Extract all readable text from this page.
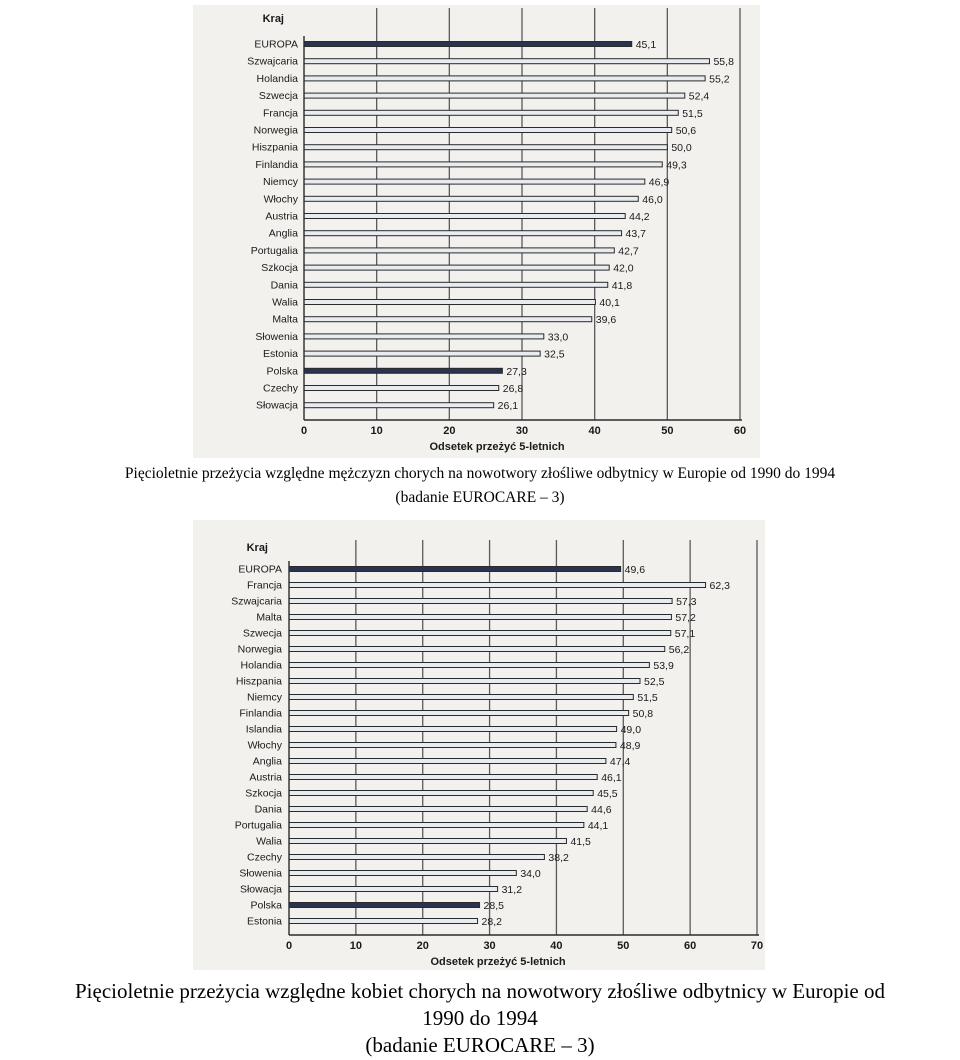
EUROPA	45,1
Szwajcaria	55,8
Holandia	55,2
Szwecja	52,4
Francja	51,5
Norwegia	50,6
Hiszpania	50,0
Finlandia	49,3
Niemcy	46,9
Włochy	46,0
Austria	44,2
Anglia	43,7
Portugalia	42,7
Szkocja	42,0
Dania	41,8
Walia	40,1
Malta	39,6
Słowenia	33,0
Estonia	32,5
Polska	27,3
Czechy	26,8
Słowacja	26,1
0	10	20	30	40	50	60
Kraj
Odsetek przeżyć 5-letnich
EUROPA	49,6
Francja	62,3
Szwajcaria	57,3
Malta	57,2
Szwecja	57,1
Norwegia	56,2
Holandia	53,9
Hiszpania	52,5
Niemcy	51,5
Finlandia	50,8
Islandia	49,0
Włochy	48,9
Anglia	47,4
Austria	46,1
Szkocja	45,5
Dania	44,6
Portugalia	44,1
Walia	41,5
Czechy	38,2
Słowenia	34,0
Słowacja	31,2
Polska	28,5
Estonia	28,2
0	10	20	30	40	50	60	70
Kraj
Odsetek przeżyć 5-letnich
Pięcioletnie przeżycia względne mężczyzn chorych na nowotwory złośliwe odbytnicy w Europie od 1990 do 1994
(badanie EUROCARE – 3)
Pięcioletnie przeżycia względne kobiet chorych na nowotwory złośliwe odbytnicy w Europie od
1990 do 1994
(badanie EUROCARE – 3)
